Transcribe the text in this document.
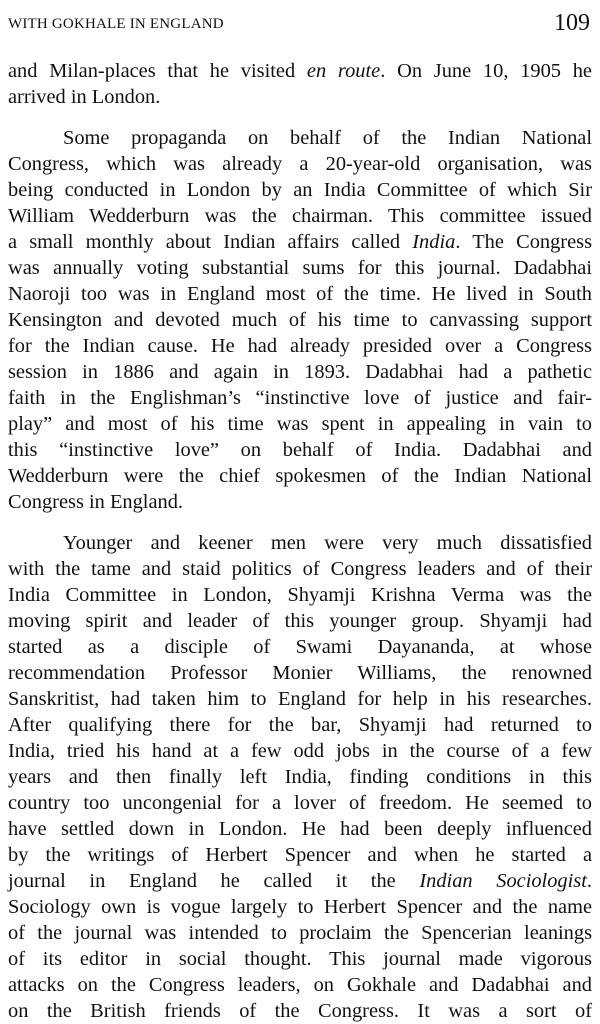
WITH GOKHALE IN ENGLAND	109
and Milan-places that he visited en route. On June 10, 1905 he
arrived in London.
Some propaganda on behalf of the Indian National
Congress, which was already a 20-year-old organisation, was
being conducted in London by an India Committee of which Sir
William Wedderburn was the chairman. This committee issued
a small monthly about Indian affairs called India. The Congress
was annually voting substantial sums for this journal. Dadabhai
Naoroji too was in England most of the time. He lived in South
Kensington and devoted much of his time to canvassing support
for the Indian cause. He had already presided over a Congress
session in 1886 and again in 1893. Dadabhai had a pathetic
faith in the Englishman’s “instinctive love of justice and fair-
play” and most of his time was spent in appealing in vain to
this “instinctive love” on behalf of India. Dadabhai and
Wedderburn were the chief spokesmen of the Indian National
Congress in England.
Younger and keener men were very much dissatisfied
with the tame and staid politics of Congress leaders and of their
India Committee in London, Shyamji Krishna Verma was the
moving spirit and leader of this younger group. Shyamji had
started as a disciple of Swami Dayananda, at whose
recommendation Professor Monier Williams, the renowned
Sanskritist, had taken him to England for help in his researches.
After qualifying there for the bar, Shyamji had returned to
India, tried his hand at a few odd jobs in the course of a few
years and then finally left India, finding conditions in this
country too uncongenial for a lover of freedom. He seemed to
have settled down in London. He had been deeply influenced
by the writings of Herbert Spencer and when he started a
journal in England he called it the Indian Sociologist.
Sociology own is vogue largely to Herbert Spencer and the name
of the journal was intended to proclaim the Spencerian leanings
of its editor in social thought. This journal made vigorous
attacks on the Congress leaders, on Gokhale and Dadabhai and
on the British friends of the Congress. It was a sort of
